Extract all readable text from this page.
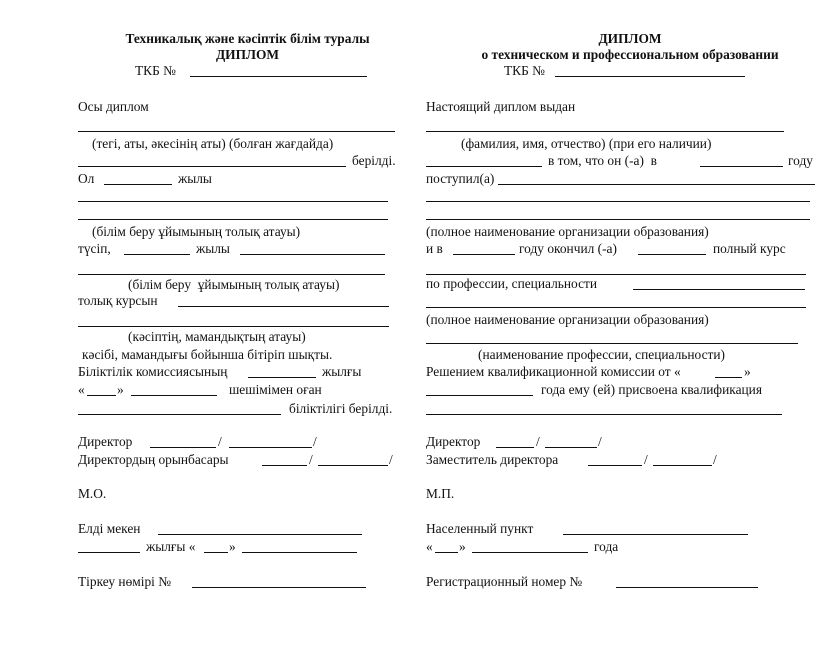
Техникалық және кәсіптік білім туралы
ДИПЛОМ
ТКБ №
Осы диплом
(тегі, аты, әкесінің аты) (болған жағдайда)
берілді.
Ол	жылы
(білім беру ұйымының толық атауы)
түсіп,	жылы
(білім беру  ұйымының толық атауы)
толық курсын
(кәсіптің, мамандықтың атауы)
кәсібі, мамандығы бойынша бітіріп шықты.
Біліктілік комиссиясының	жылғы
« »	шешімімен оған
біліктілігі берілді.
Директор	/	/
Директордың орынбасары	/	/
М.О.
Елді мекен
жылғы «	»
Тіркеу нөмірі №
ДИПЛОМ
о техническом и профессиональном образовании
ТКБ №
Настоящий диплом выдан
(фамилия, имя, отчество) (при его наличии)
в том, что он (-а)  в	году
поступил(а)
(полное наименование организации образования)
и в	году окончил (-а)	полный курс
по профессии, специальности
(полное наименование организации образования)
(наименование профессии, специальности)
Решением квалификационной комиссии от «	»
года ему (ей) присвоена квалификация
Директор	/	/
Заместитель директора	/	/
М.П.
Населенный пункт
« »	года
Регистрационный номер №
